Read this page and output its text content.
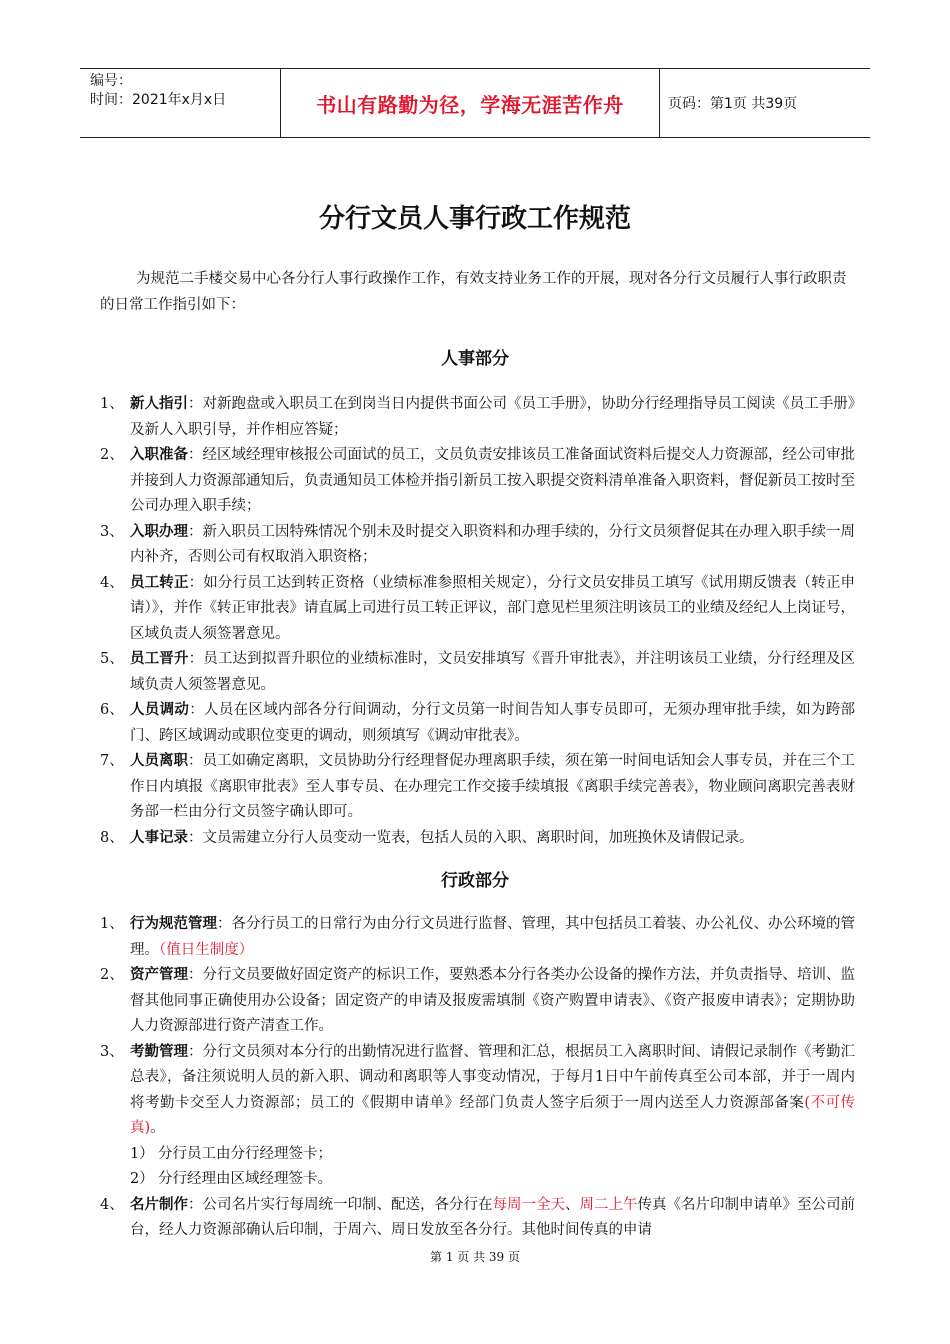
编号：
时间：2021年x月x日	书山有路勤为径，学海无涯苦作舟	页码：第1页 共39页
分行文员人事行政工作规范
为规范二手楼交易中心各分行人事行政操作工作，有效支持业务工作的开展，现对各分行文员履行人事行政职责的日常工作指引如下：
人事部分
1、 新人指引：对新跑盘或入职员工在到岗当日内提供书面公司《员工手册》，协助分行经理指导员工阅读《员工手册》及新人入职引导，并作相应答疑；
2、 入职准备：经区域经理审核报公司面试的员工，文员负责安排该员工准备面试资料后提交人力资源部，经公司审批并接到人力资源部通知后，负责通知员工体检并指引新员工按入职提交资料清单准备入职资料，督促新员工按时至公司办理入职手续；
3、 入职办理：新入职员工因特殊情况个别未及时提交入职资料和办理手续的，分行文员须督促其在办理入职手续一周内补齐，否则公司有权取消入职资格；
4、 员工转正：如分行员工达到转正资格（业绩标准参照相关规定），分行文员安排员工填写《试用期反馈表（转正申请）》，并作《转正审批表》请直属上司进行员工转正评议，部门意见栏里须注明该员工的业绩及经纪人上岗证号，区域负责人须签署意见。
5、 员工晋升：员工达到拟晋升职位的业绩标准时，文员安排填写《晋升审批表》，并注明该员工业绩，分行经理及区域负责人须签署意见。
6、 人员调动：人员在区域内部各分行间调动，分行文员第一时间告知人事专员即可，无须办理审批手续，如为跨部门、跨区域调动或职位变更的调动，则须填写《调动审批表》。
7、 人员离职：员工如确定离职，文员协助分行经理督促办理离职手续，须在第一时间电话知会人事专员，并在三个工作日内填报《离职审批表》至人事专员、在办理完工作交接手续填报《离职手续完善表》，物业顾问离职完善表财务部一栏由分行文员签字确认即可。
8、 人事记录：文员需建立分行人员变动一览表，包括人员的入职、离职时间，加班换休及请假记录。
行政部分
1、 行为规范管理：各分行员工的日常行为由分行文员进行监督、管理，其中包括员工着装、办公礼仪、办公环境的管理。（值日生制度）
2、 资产管理：分行文员要做好固定资产的标识工作，要熟悉本分行各类办公设备的操作方法，并负责指导、培训、监督其他同事正确使用办公设备；固定资产的申请及报废需填制《资产购置申请表》、《资产报废申请表》；定期协助人力资源部进行资产清查工作。
3、 考勤管理：分行文员须对本分行的出勤情况进行监督、管理和汇总，根据员工入离职时间、请假记录制作《考勤汇总表》，备注须说明人员的新入职、调动和离职等人事变动情况，于每月1日中午前传真至公司本部，并于一周内将考勤卡交至人力资源部；员工的《假期申请单》经部门负责人签字后须于一周内送至人力资源部备案(不可传真)。
1） 分行员工由分行经理签卡；
2） 分行经理由区域经理签卡。
4、 名片制作：公司名片实行每周统一印制、配送，各分行在每周一全天、周二上午传真《名片印制申请单》至公司前台，经人力资源部确认后印制，于周六、周日发放至各分行。其他时间传真的申请
第 1 页 共 39 页
